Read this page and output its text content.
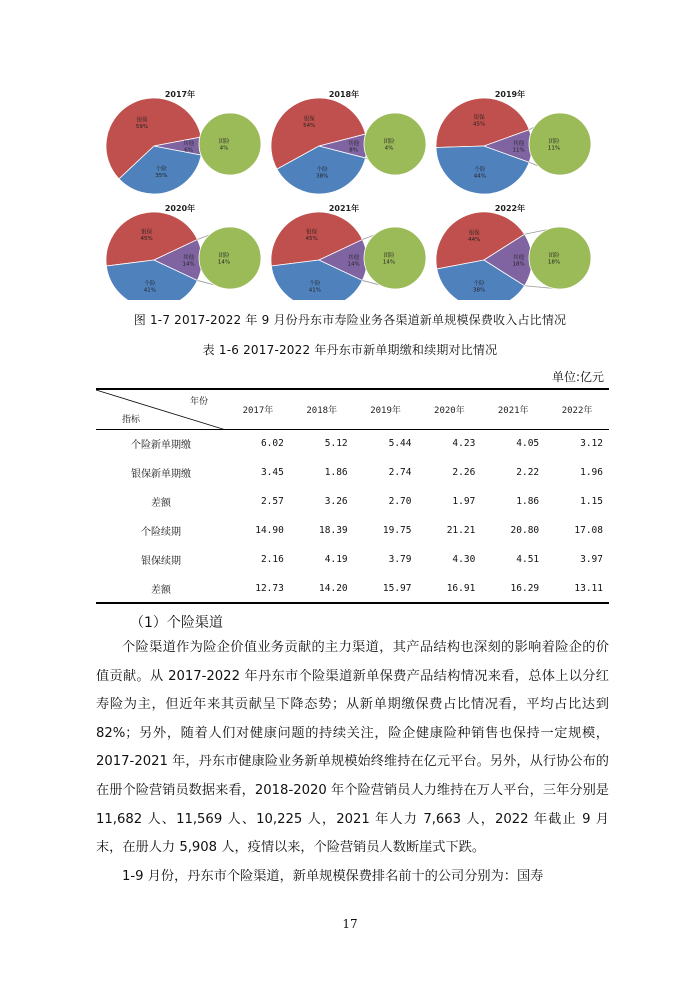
2017年	2018年	2019年
2020年	2021年	2022年
银保
59%
个险
35%
其他
6%
团险
4%
银保
54%
个险
38%
其他
8%
团险
4%
银保
45%
个险
44%
其他
11%
团险
11%
银保
45%
个险
41%
其他
14%
团险
14%
银保
45%
个险
41%
其他
14%
团险
14%
银保
44%
个险
38%
其他
18%
团险
18%
图 1-7 2017-2022 年 9 月份丹东市寿险业务各渠道新单规模保费收入占比情况
表 1-6 2017-2022 年丹东市新单期缴和续期对比情况
单位:亿元
年份
指标	2017年	2018年	2019年	2020年	2021年	2022年
个险新单期缴	6.02	5.12	5.44	4.23	4.05	3.12
银保新单期缴	3.45	1.86	2.74	2.26	2.22	1.96
差额	2.57	3.26	2.70	1.97	1.86	1.15
个险续期	14.90	18.39	19.75	21.21	20.80	17.08
银保续期	2.16	4.19	3.79	4.30	4.51	3.97
差额	12.73	14.20	15.97	16.91	16.29	13.11
（1）个险渠道
个险渠道作为险企价值业务贡献的主力渠道，其产品结构也深刻的影响着险企的价值贡献。从 2017-2022 年丹东市个险渠道新单保费产品结构情况来看，总体上以分红寿险为主，但近年来其贡献呈下降态势；从新单期缴保费占比情况看，平均占比达到 82%；另外，随着人们对健康问题的持续关注，险企健康险种销售也保持一定规模，2017-2021 年，丹东市健康险业务新单规模始终维持在亿元平台。另外，从行协公布的在册个险营销员数据来看，2018-2020 年个险营销员人力维持在万人平台，三年分别是 11,682 人、11,569 人、10,225 人，2021 年人力 7,663 人，2022 年截止 9 月末，在册人力 5,908 人，疫情以来，个险营销员人数断崖式下跌。
1-9 月份，丹东市个险渠道，新单规模保费排名前十的公司分别为：国寿
17
